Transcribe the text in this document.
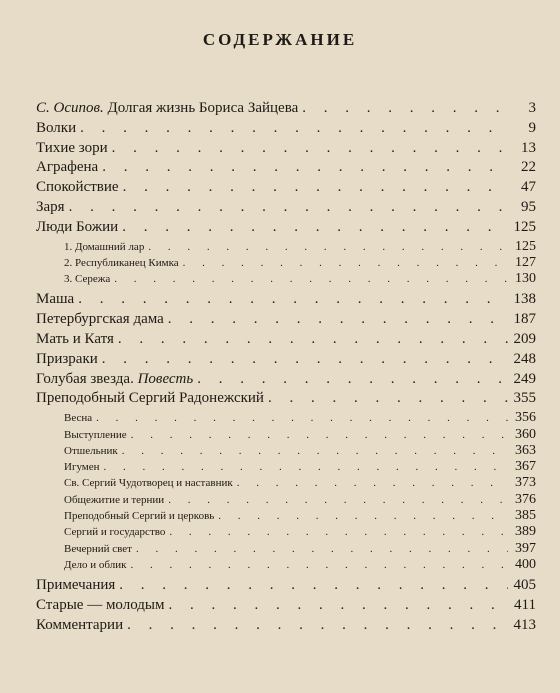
СОДЕРЖАНИЕ
С. Осипов. Долгая жизнь Бориса Зайцева . . .	3
Волки . . .	9
Тихие зори . . .	13
Аграфена . . .	22
Спокойствие . . .	47
Заря . . .	95
Люди Божии . . .	125
1. Домашний лар . . .	125
2. Республиканец Кимка . . .	127
3. Сережа . . .	130
Маша . . .	138
Петербургская дама . . .	187
Мать и Катя . . .	209
Призраки . . .	248
Голубая звезда. Повесть . . .	249
Преподобный Сергий Радонежский . . .	355
Весна . . .	356
Выступление . . .	360
Отшельник . . .	363
Игумен . . .	367
Св. Сергий Чудотворец и наставник . . .	373
Общежитие и тернии . . .	376
Преподобный Сергий и церковь . . .	385
Сергий и государство . . .	389
Вечерний свет . . .	397
Дело и облик . . .	400
Примечания . . .	405
Старые — молодым . . .	411
Комментарии . . .	413
